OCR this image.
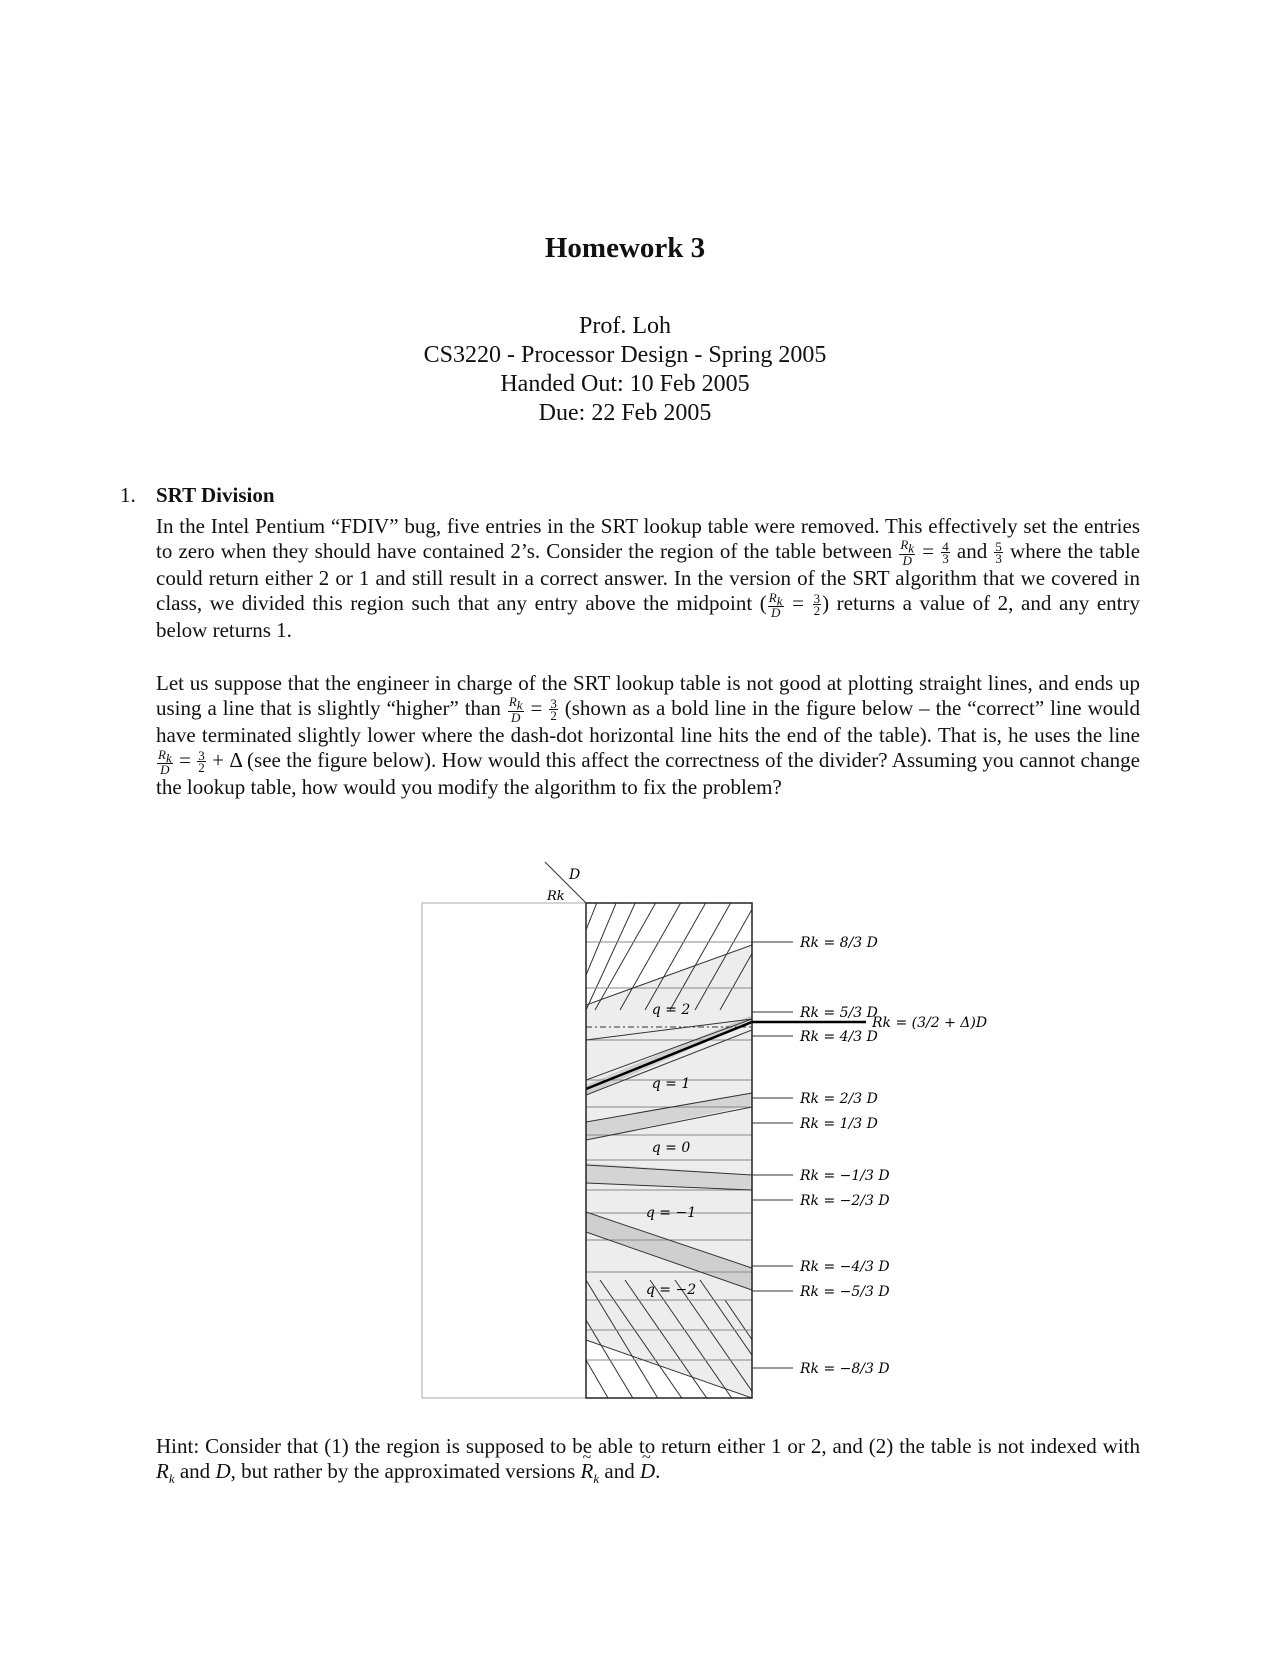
Homework 3
Prof. Loh
CS3220 - Processor Design - Spring 2005
Handed Out: 10 Feb 2005
Due: 22 Feb 2005
1. SRT Division
In the Intel Pentium “FDIV” bug, five entries in the SRT lookup table were removed. This effectively set the entries to zero when they should have contained 2’s. Consider the region of the table between $\frac{R_k}{D} = \frac{4}{3}$ and $\frac{5}{3}$ where the table could return either 2 or 1 and still result in a correct answer. In the version of the SRT algorithm that we covered in class, we divided this region such that any entry above the midpoint ( $\frac{R_k}{D} = \frac{3}{2}$ ) returns a value of 2, and any entry below returns 1.
Let us suppose that the engineer in charge of the SRT lookup table is not good at plotting straight lines, and ends up using a line that is slightly “higher” than $\frac{R_k}{D} = \frac{3}{2}$ (shown as a bold line in the figure below – the “correct” line would have terminated slightly lower where the dash-dot horizontal line hits the end of the table). That is, he uses the line
$\frac{R_k}{D} = \frac{3}{2} + \Delta$ (see the figure below). How would this affect the correctness of the divider? Assuming you cannot change the lookup table, how would you modify the algorithm to fix the problem?
D
Rk
q = 2
q = 1
q = 0
q = −1
q = −2
Rk = 8/3 D
Rk = 5/3 D
Rk = 4/3 D
Rk = 2/3 D
Rk = 1/3 D
Rk = −1/3 D
Rk = −2/3 D
Rk = −4/3 D
Rk = −5/3 D
Rk = −8/3 D
Rk = (3/2 + Δ)D
Hint: Consider that (1) the region is supposed to be able to return either 1 or 2, and (2) the table is not indexed with $R_k$ and D, but rather by the approximated versions ~ $R_k$ and ~ D.
